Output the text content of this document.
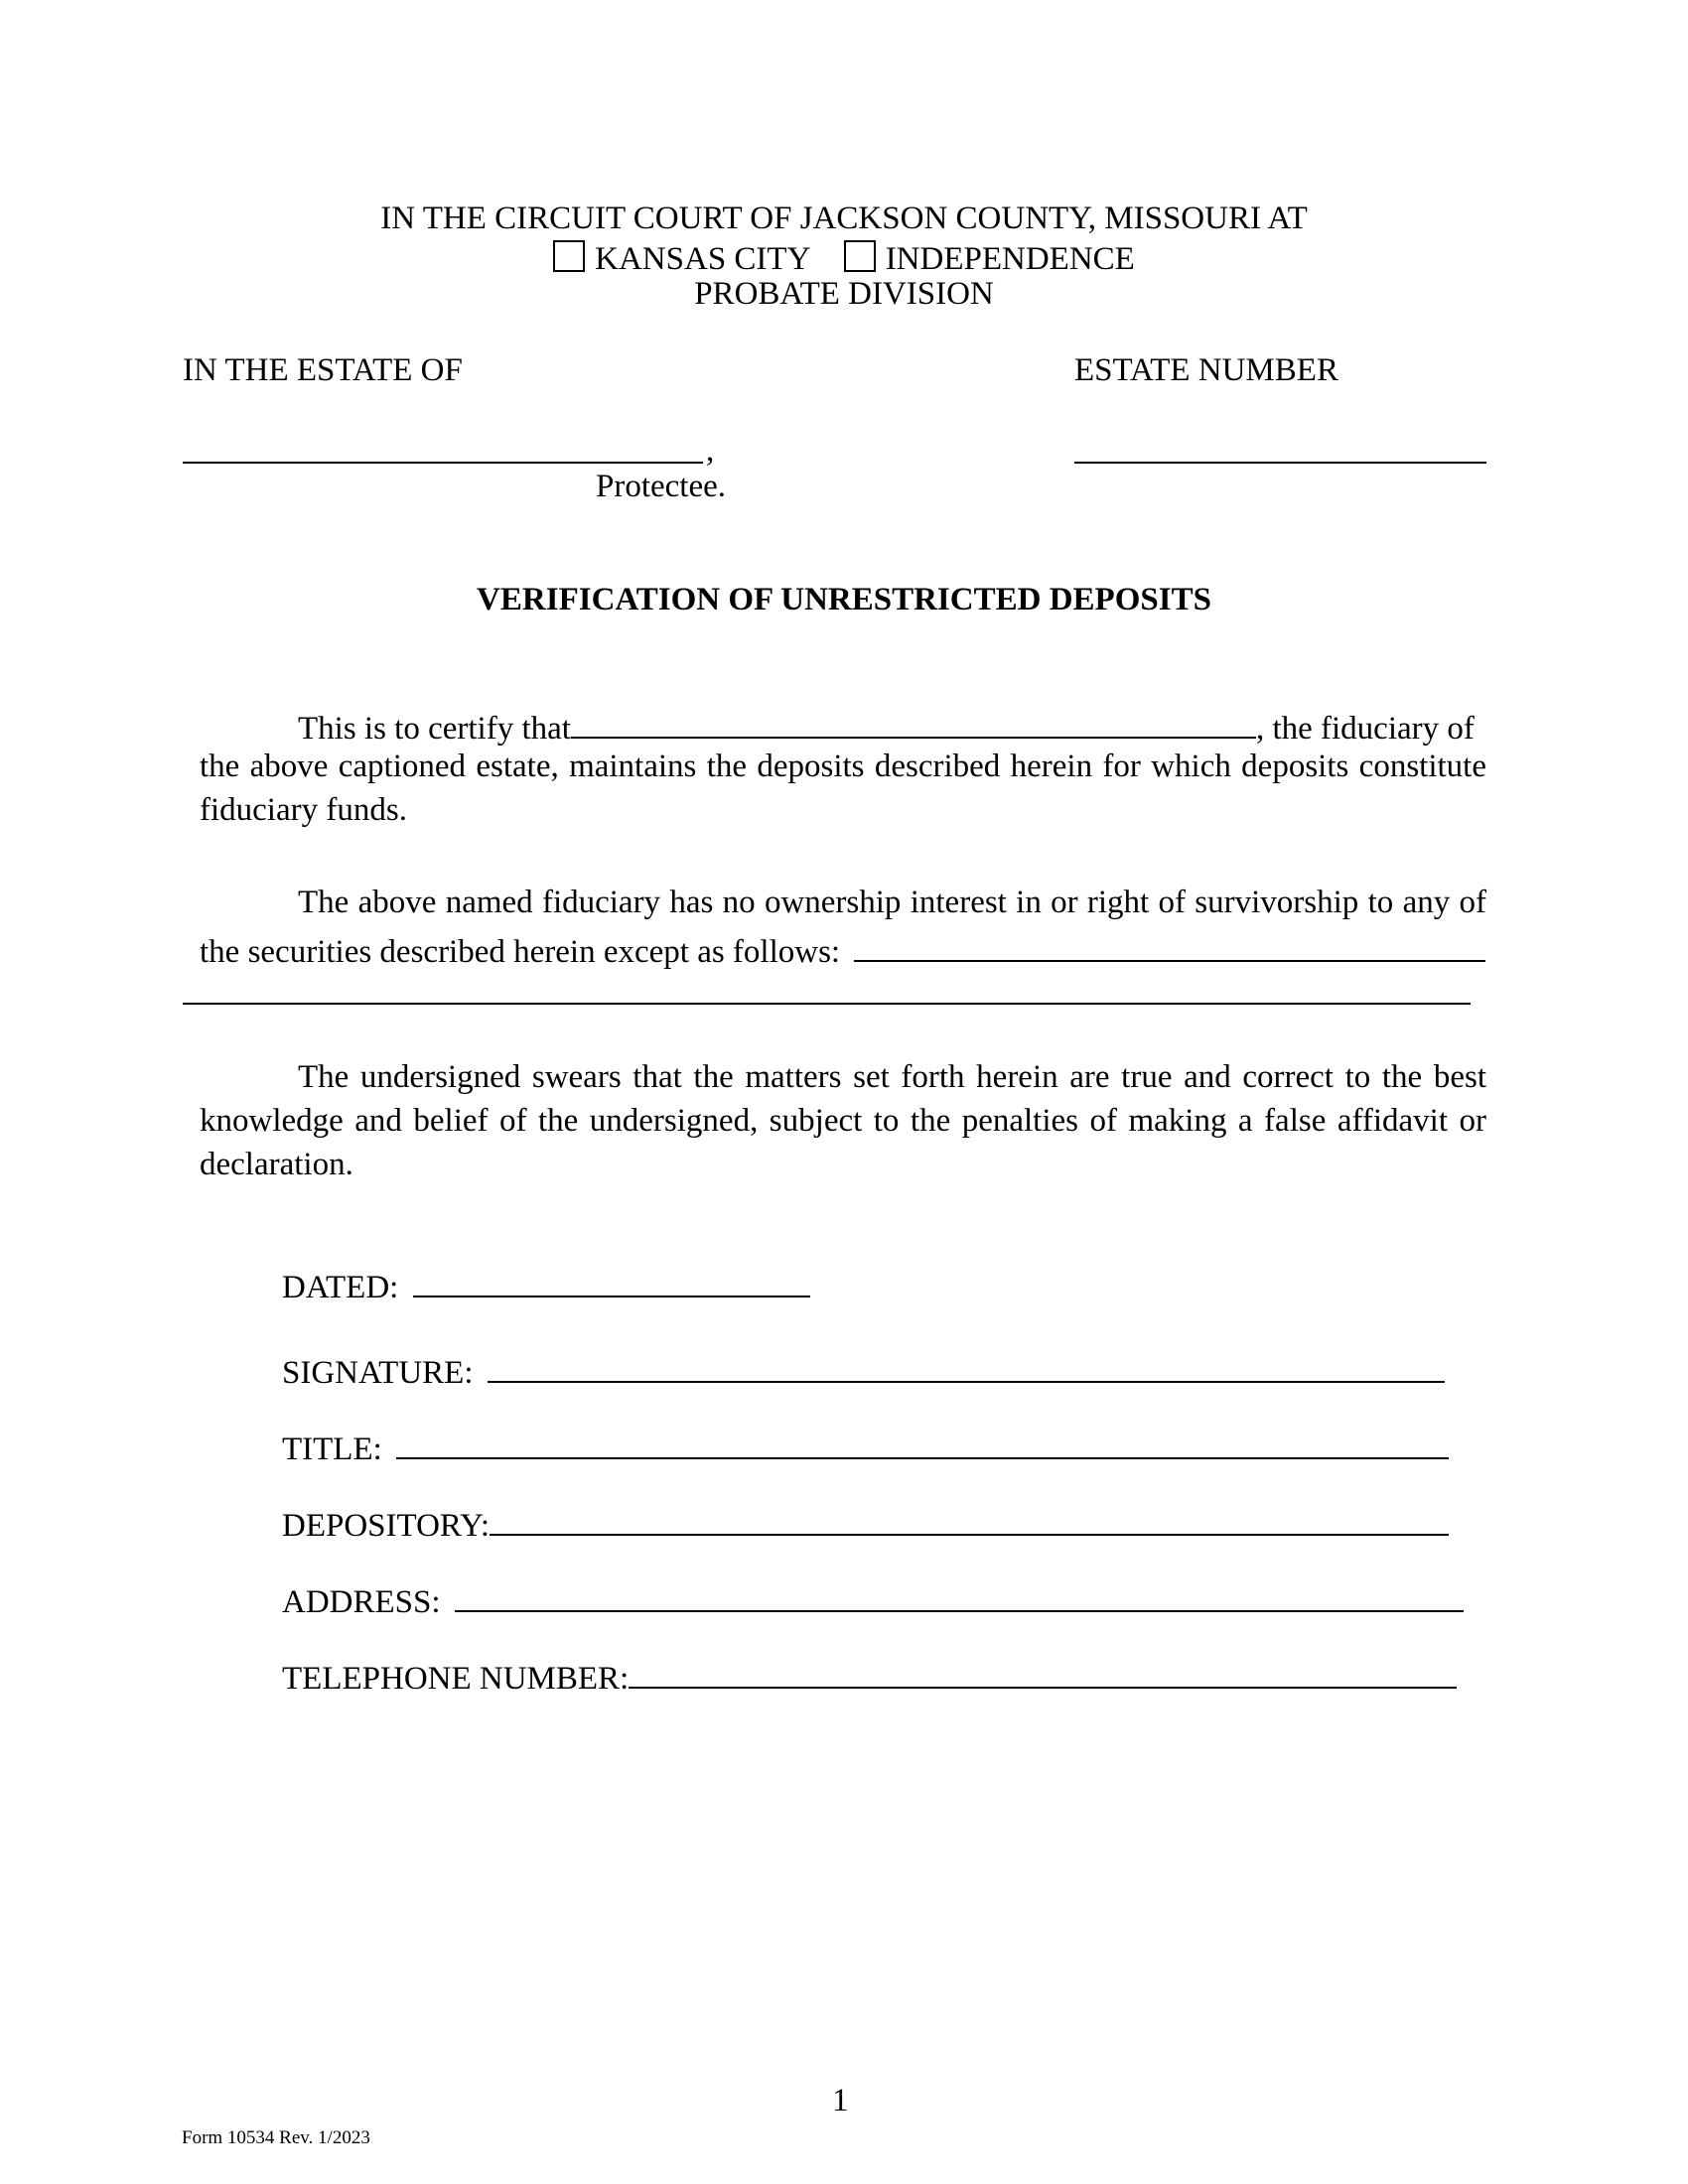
IN THE CIRCUIT COURT OF JACKSON COUNTY, MISSOURI AT
KANSAS CITY INDEPENDENCE
PROBATE DIVISION
IN THE ESTATE OF	ESTATE NUMBER
,
Protectee.
VERIFICATION OF UNRESTRICTED DEPOSITS
This is to certify that	, the fiduciary of
the above captioned estate, maintains the deposits described herein for which deposits constitute
fiduciary funds.
The above named fiduciary has no ownership interest in or right of survivorship to any of
the securities described herein except as follows:
The undersigned swears that the matters set forth herein are true and correct to the best
knowledge and belief of the undersigned, subject to the penalties of making a false affidavit or
declaration.
DATED:
SIGNATURE:
TITLE:
DEPOSITORY:
ADDRESS:
TELEPHONE NUMBER:
1
Form 10534 Rev. 1/2023
